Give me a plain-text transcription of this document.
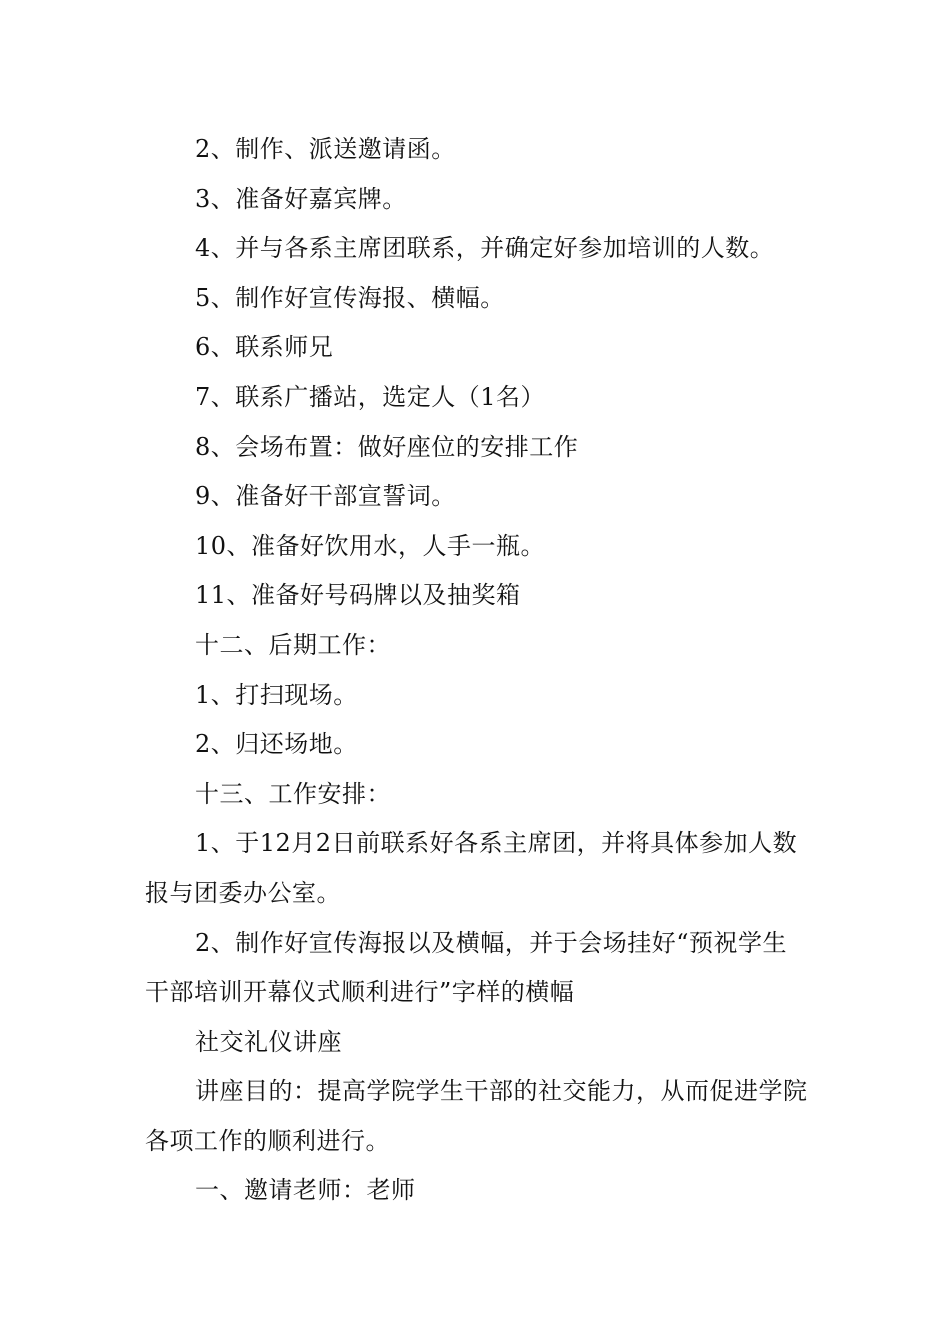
2、制作、派送邀请函。

3、准备好嘉宾牌。

4、并与各系主席团联系，并确定好参加培训的人数。

5、制作好宣传海报、横幅。

6、联系师兄

7、联系广播站，选定人（1名）

8、会场布置：做好座位的安排工作

9、准备好干部宣誓词。

10、准备好饮用水，人手一瓶。

11、准备好号码牌以及抽奖箱

十二、后期工作：

1、打扫现场。

2、归还场地。

十三、工作安排：

1、于12月2日前联系好各系主席团，并将具体参加人数报与团委办公室。

2、制作好宣传海报以及横幅，并于会场挂好“预祝学生干部培训开幕仪式顺利进行”字样的横幅

社交礼仪讲座

讲座目的：提高学院学生干部的社交能力，从而促进学院各项工作的顺利进行。

一、邀请老师：老师
